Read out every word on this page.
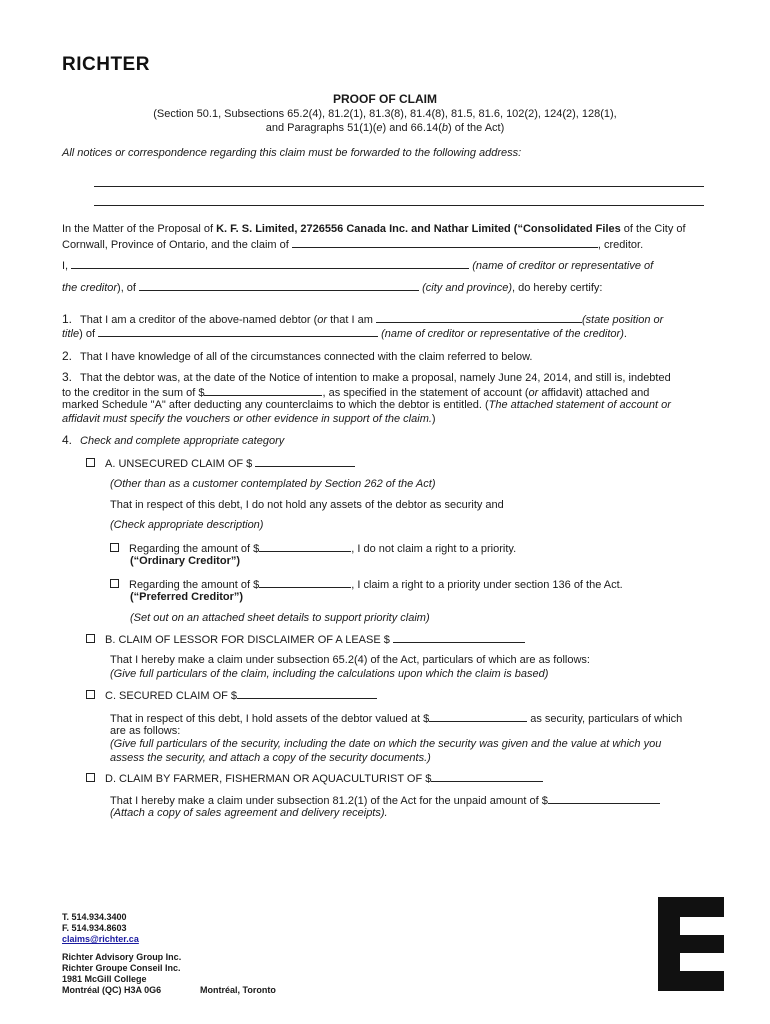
RICHTER
PROOF OF CLAIM
(Section 50.1, Subsections 65.2(4), 81.2(1), 81.3(8), 81.4(8), 81.5, 81.6, 102(2), 124(2), 128(1),
and Paragraphs 51(1)(e) and 66.14(b) of the Act)
All notices or correspondence regarding this claim must be forwarded to the following address:
In the Matter of the Proposal of K. F. S. Limited, 2726556 Canada Inc. and Nathar Limited (“Consolidated Files of the City of
Cornwall, Province of Ontario, and the claim of	, creditor.
I,	(name of creditor or representative of
the creditor), of	(city and province), do hereby certify:
1. That I am a creditor of the above-named debtor (or that I am	(state position or
title) of	(name of creditor or representative of the creditor).
2. That I have knowledge of all of the circumstances connected with the claim referred to below.
3. That the debtor was, at the date of the Notice of intention to make a proposal, namely June 24, 2014, and still is, indebted
to the creditor in the sum of $	, as specified in the statement of account (or affidavit) attached and
marked Schedule "A" after deducting any counterclaims to which the debtor is entitled. (The attached statement of account or
affidavit must specify the vouchers or other evidence in support of the claim.)
4. Check and complete appropriate category
A. UNSECURED CLAIM OF $
(Other than as a customer contemplated by Section 262 of the Act)
That in respect of this debt, I do not hold any assets of the debtor as security and
(Check appropriate description)
Regarding the amount of $	, I do not claim a right to a priority.
(“Ordinary Creditor”)
Regarding the amount of $	, I claim a right to a priority under section 136 of the Act.
(“Preferred Creditor”)
(Set out on an attached sheet details to support priority claim)
B. CLAIM OF LESSOR FOR DISCLAIMER OF A LEASE $
That I hereby make a claim under subsection 65.2(4) of the Act, particulars of which are as follows:
(Give full particulars of the claim, including the calculations upon which the claim is based)
C. SECURED CLAIM OF $
That in respect of this debt, I hold assets of the debtor valued at $	as security, particulars of which
are as follows:
(Give full particulars of the security, including the date on which the security was given and the value at which you
assess the security, and attach a copy of the security documents.)
D. CLAIM BY FARMER, FISHERMAN OR AQUACULTURIST OF $
That I hereby make a claim under subsection 81.2(1) of the Act for the unpaid amount of $
(Attach a copy of sales agreement and delivery receipts).
T. 514.934.3400
F. 514.934.8603
claims@richter.ca
Richter Advisory Group Inc.
Richter Groupe Conseil Inc.
1981 McGill College
Montréal (QC) H3A 0G6	Montréal, Toronto
